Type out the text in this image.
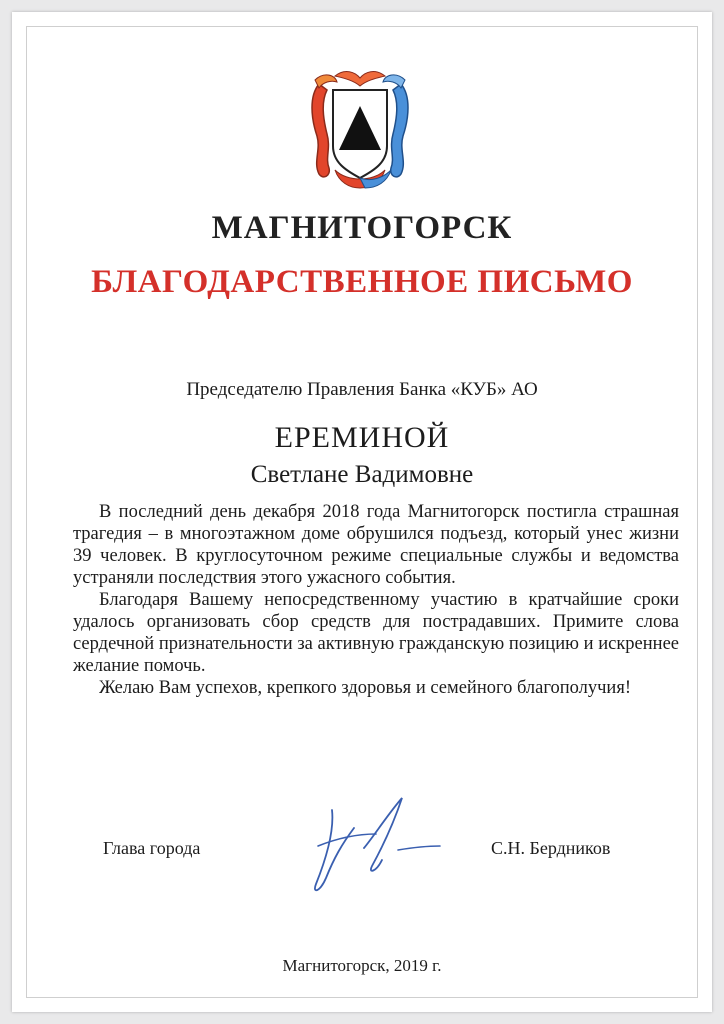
МАГНИТОГОРСК
БЛАГОДАРСТВЕННОЕ ПИСЬМО
Председателю Правления Банка «КУБ» АО
ЕРЕМИНОЙ
Светлане Вадимовне

В последний день декабря 2018 года Магнитогорск постигла страшная трагедия – в многоэтажном доме обрушился подъезд, который унес жизни 39 человек. В круглосуточном режиме специальные службы и ведомства устраняли последствия этого ужасного события.

Благодаря Вашему непосредственному участию в кратчайшие сроки удалось организовать сбор средств для пострадавших. Примите слова сердечной признательности за активную гражданскую позицию и искреннее желание помочь.

Желаю Вам успехов, крепкого здоровья и семейного благополучия!

Глава города	С.Н. Бердников
Магнитогорск, 2019 г.
